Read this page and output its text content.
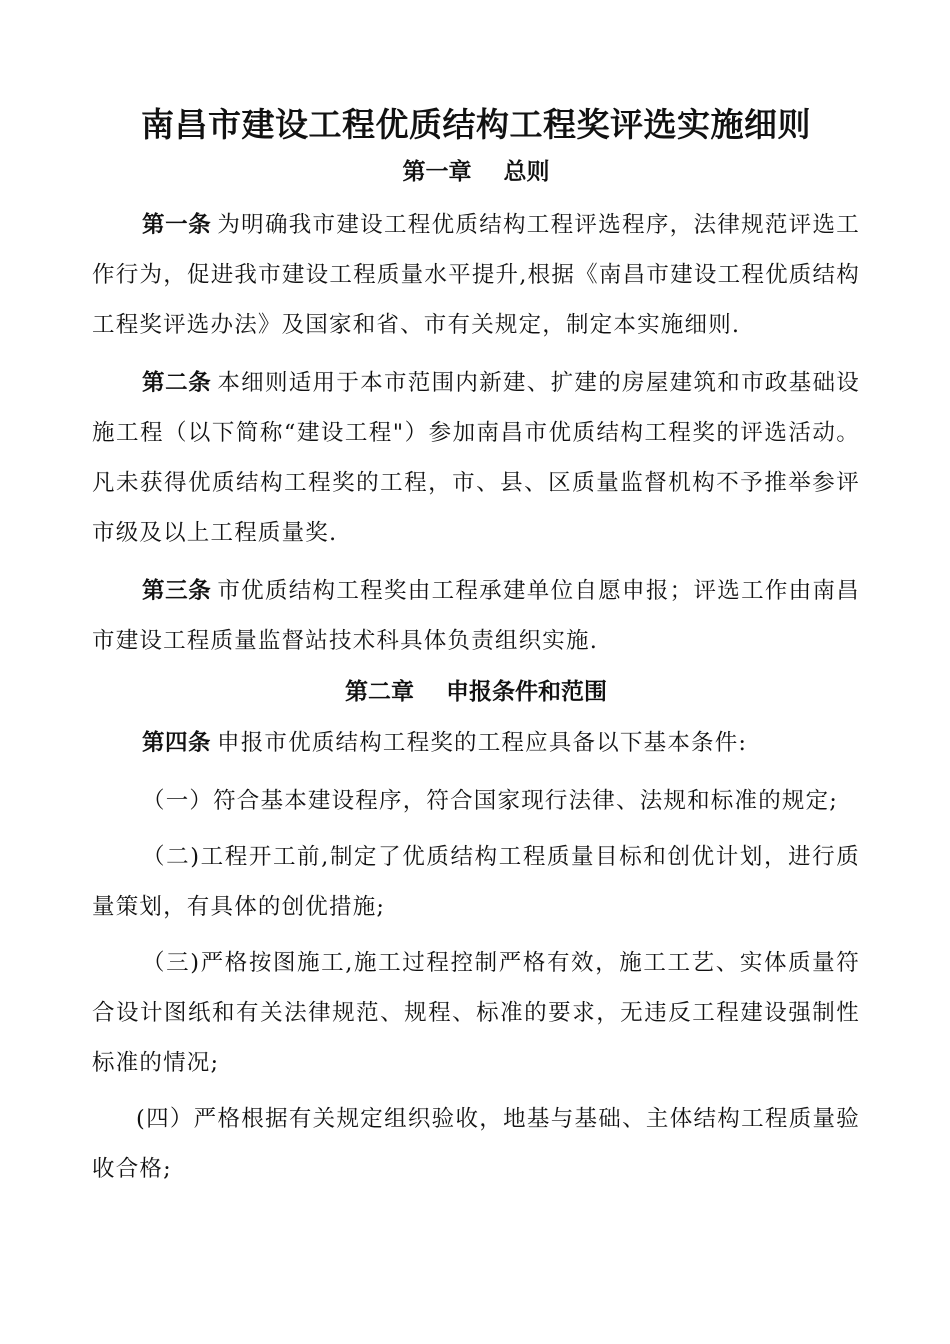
南昌市建设工程优质结构工程奖评选实施细则
第一章    总则

第一条 为明确我市建设工程优质结构工程评选程序，法律规范评选工作行为，促进我市建设工程质量水平提升,根据《南昌市建设工程优质结构工程奖评选办法》及国家和省、市有关规定，制定本实施细则.

第二条 本细则适用于本市范围内新建、扩建的房屋建筑和市政基础设施工程（以下简称“建设工程"）参加南昌市优质结构工程奖的评选活动。凡未获得优质结构工程奖的工程，市、县、区质量监督机构不予推举参评市级及以上工程质量奖.

第三条 市优质结构工程奖由工程承建单位自愿申报；评选工作由南昌市建设工程质量监督站技术科具体负责组织实施.

第二章    申报条件和范围

第四条 申报市优质结构工程奖的工程应具备以下基本条件:

（一）符合基本建设程序，符合国家现行法律、法规和标准的规定;

（二)工程开工前,制定了优质结构工程质量目标和创优计划，进行质量策划，有具体的创优措施;

（三)严格按图施工,施工过程控制严格有效，施工工艺、实体质量符合设计图纸和有关法律规范、规程、标准的要求，无违反工程建设强制性标准的情况;

(四）严格根据有关规定组织验收，地基与基础、主体结构工程质量验收合格;
